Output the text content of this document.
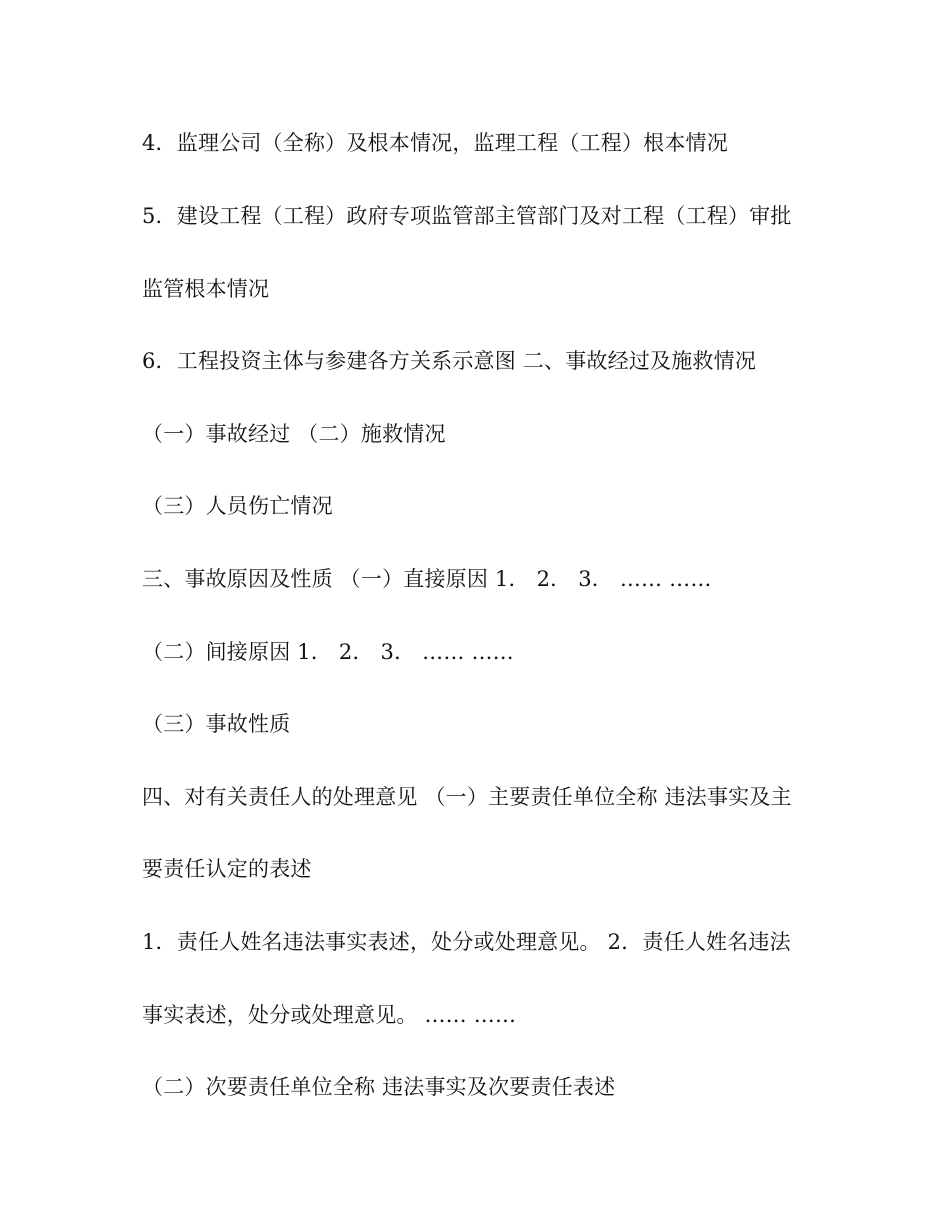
4．监理公司（全称）及根本情况，监理工程（工程）根本情况
5．建设工程（工程）政府专项监管部主管部门及对工程（工程）审批
监管根本情况
6．工程投资主体与参建各方关系示意图 二、事故经过及施救情况
（一）事故经过 （二）施救情况
（三）人员伤亡情况
三、事故原因及性质 （一）直接原因 1． 2． 3． …… ……
（二）间接原因 1． 2． 3． …… ……
（三）事故性质
四、对有关责任人的处理意见 （一）主要责任单位全称 违法事实及主
要责任认定的表述
1．责任人姓名违法事实表述，处分或处理意见。 2．责任人姓名违法
事实表述，处分或处理意见。 …… ……
（二）次要责任单位全称 违法事实及次要责任表述
